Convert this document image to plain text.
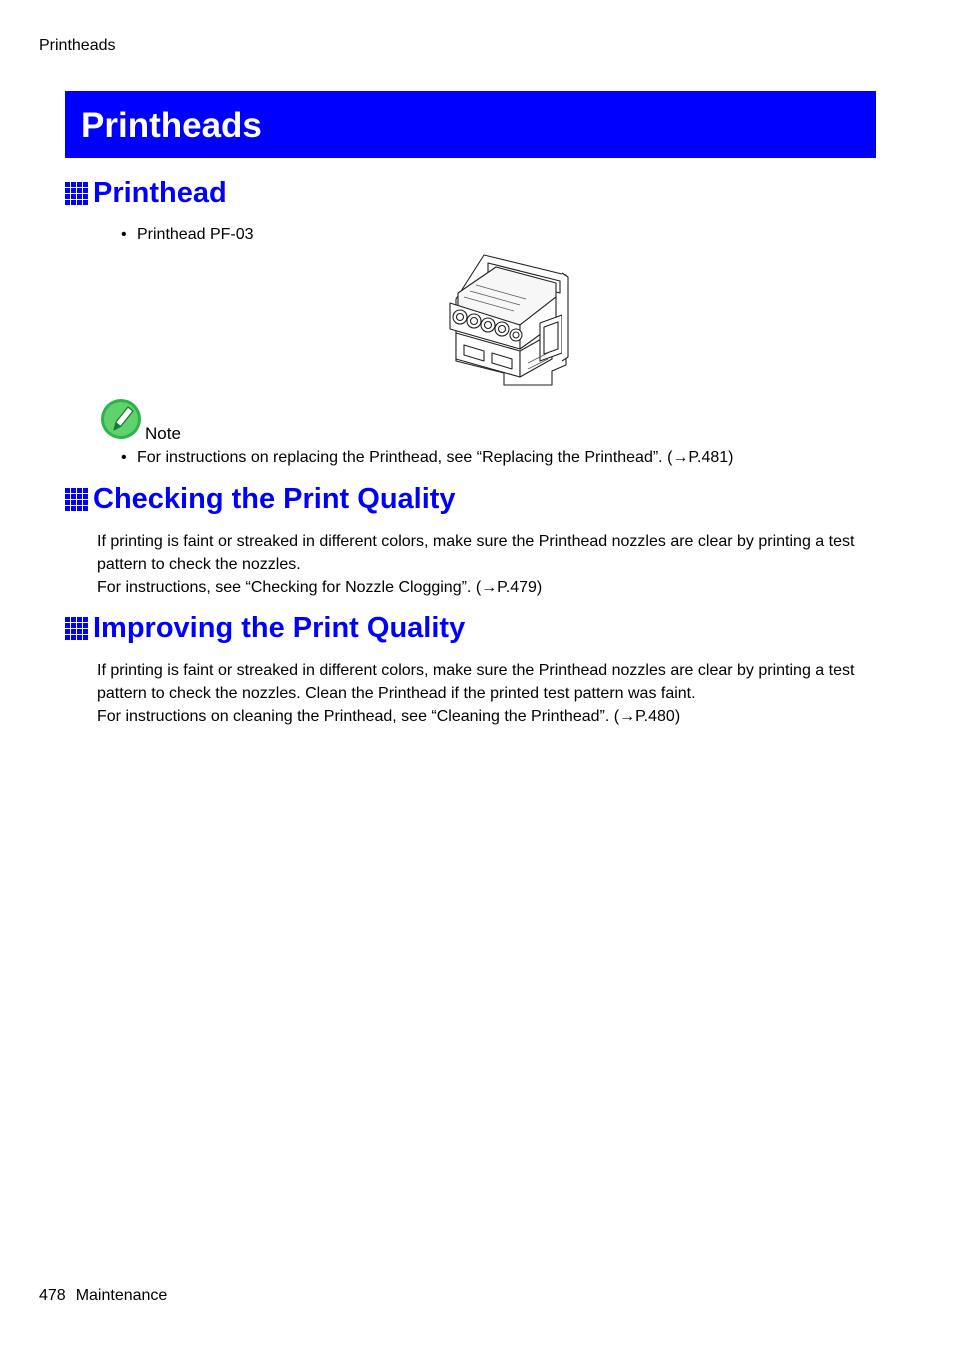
Printheads
Printheads
Printhead
• Printhead PF-03
Note
• For instructions on replacing the Printhead, see “Replacing the Printhead”. (→P.481)
Checking the Print Quality
If printing is faint or streaked in different colors, make sure the Printhead nozzles are clear by printing a test
pattern to check the nozzles.
For instructions, see “Checking for Nozzle Clogging”. (→P.479)
Improving the Print Quality
If printing is faint or streaked in different colors, make sure the Printhead nozzles are clear by printing a test
pattern to check the nozzles. Clean the Printhead if the printed test pattern was faint.
For instructions on cleaning the Printhead, see “Cleaning the Printhead”. (→P.480)
478 Maintenance
